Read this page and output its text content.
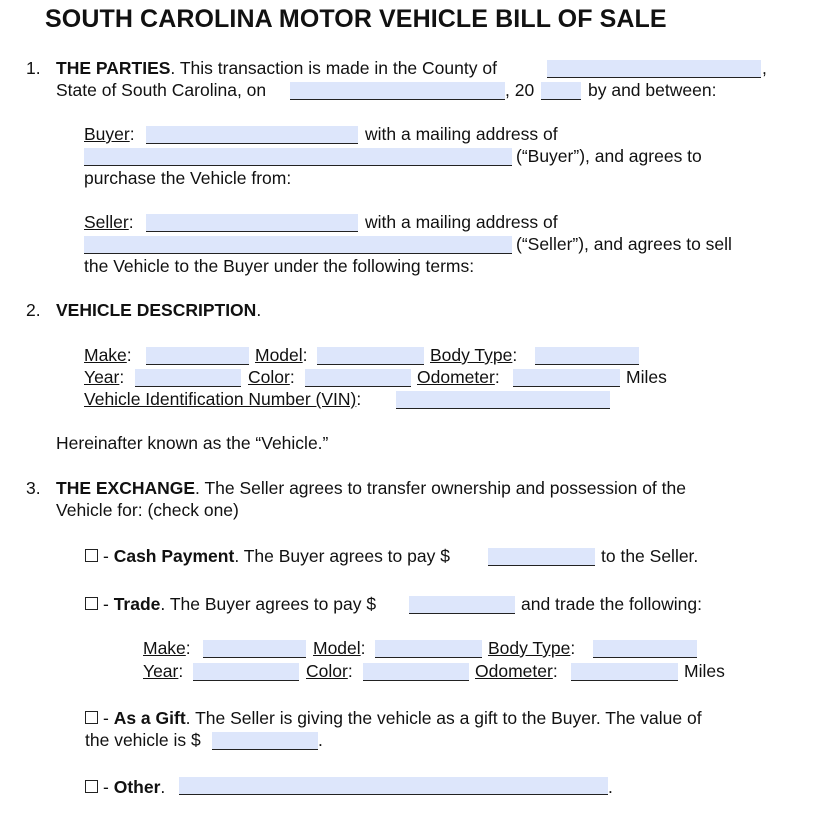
SOUTH CAROLINA MOTOR VEHICLE BILL OF SALE
1. THE PARTIES. This transaction is made in the County of	,
State of South Carolina, on	, 20	by and between:
Buyer:	with a mailing address of
(“Buyer”), and agrees to
purchase the Vehicle from:
Seller:	with a mailing address of
(“Seller”), and agrees to sell
the Vehicle to the Buyer under the following terms:
2. VEHICLE DESCRIPTION.
Make:	Model:	Body Type:
Year:	Color:	Odometer:	Miles
Vehicle Identification Number (VIN):
Hereinafter known as the “Vehicle.”
3. THE EXCHANGE. The Seller agrees to transfer ownership and possession of the
Vehicle for: (check one)
- Cash Payment. The Buyer agrees to pay $	to the Seller.
- Trade. The Buyer agrees to pay $	and trade the following:
Make:	Model:	Body Type:
Year:	Color:	Odometer:	Miles
- As a Gift. The Seller is giving the vehicle as a gift to the Buyer. The value of
the vehicle is $	.
- Other.	.
